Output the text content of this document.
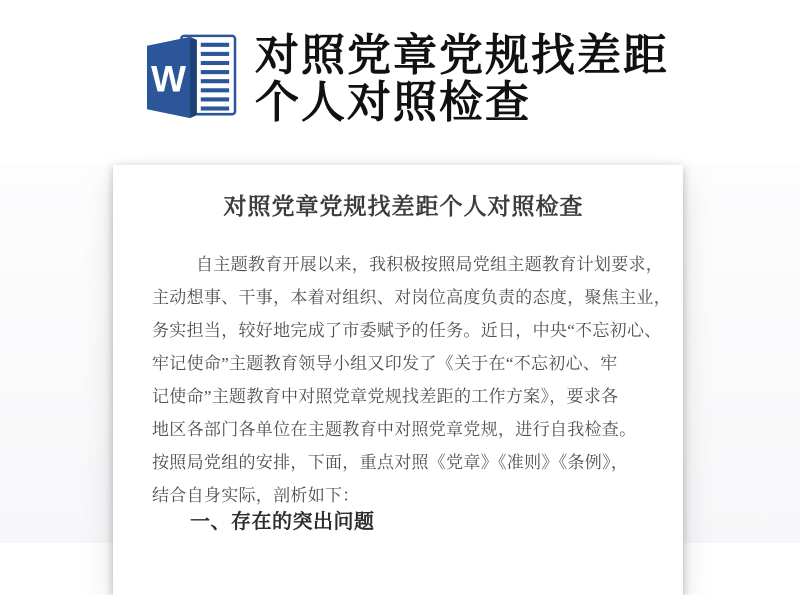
W 对照党章党规找差距
个人对照检查
对照党章党规找差距个人对照检查

自主题教育开展以来，我积极按照局党组主题教育计划要求，

主动想事、干事，本着对组织、对岗位高度负责的态度，聚焦主业，

务实担当，较好地完成了市委赋予的任务。近日，中央“不忘初心、

牢记使命”主题教育领导小组又印发了《关于在“不忘初心、牢

记使命”主题教育中对照党章党规找差距的工作方案》，要求各

地区各部门各单位在主题教育中对照党章党规，进行自我检查。

按照局党组的安排，下面，重点对照《党章》《准则》《条例》，

结合自身实际，剖析如下：

一、存在的突出问题
